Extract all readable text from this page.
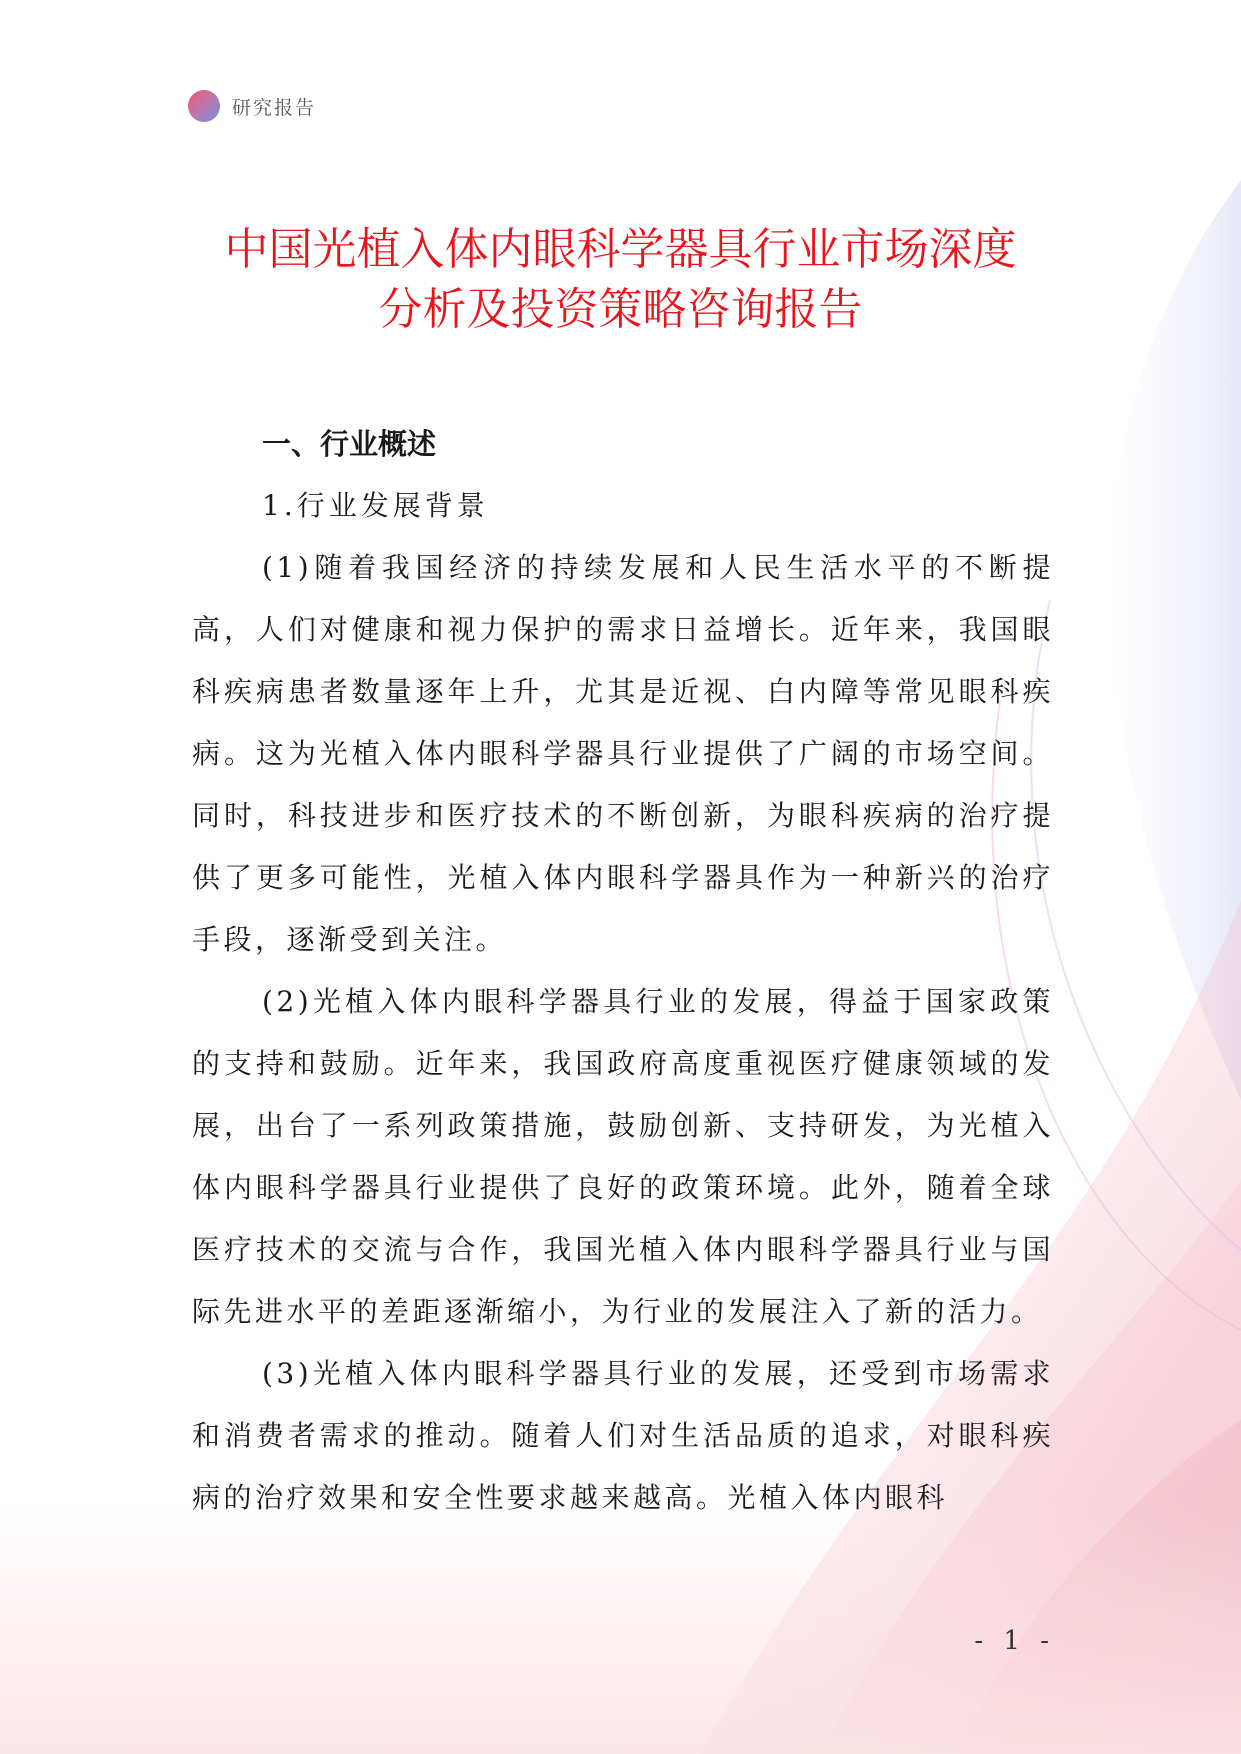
研究报告
中国光植入体内眼科学器具行业市场深度
分析及投资策略咨询报告

一、行业概述

1.行业发展背景

(1)随着我国经济的持续发展和人民生活水平的不断提高，人们对健康和视力保护的需求日益增长。近年来，我国眼科疾病患者数量逐年上升，尤其是近视、白内障等常见眼科疾病。这为光植入体内眼科学器具行业提供了广阔的市场空间。同时，科技进步和医疗技术的不断创新，为眼科疾病的治疗提供了更多可能性，光植入体内眼科学器具作为一种新兴的治疗手段，逐渐受到关注。

(2)光植入体内眼科学器具行业的发展，得益于国家政策的支持和鼓励。近年来，我国政府高度重视医疗健康领域的发展，出台了一系列政策措施，鼓励创新、支持研发，为光植入体内眼科学器具行业提供了良好的政策环境。此外，随着全球医疗技术的交流与合作，我国光植入体内眼科学器具行业与国际先进水平的差距逐渐缩小，为行业的发展注入了新的活力。

(3)光植入体内眼科学器具行业的发展，还受到市场需求和消费者需求的推动。随着人们对生活品质的追求，对眼科疾病的治疗效果和安全性要求越来越高。光植入体内眼科

- 1 -
